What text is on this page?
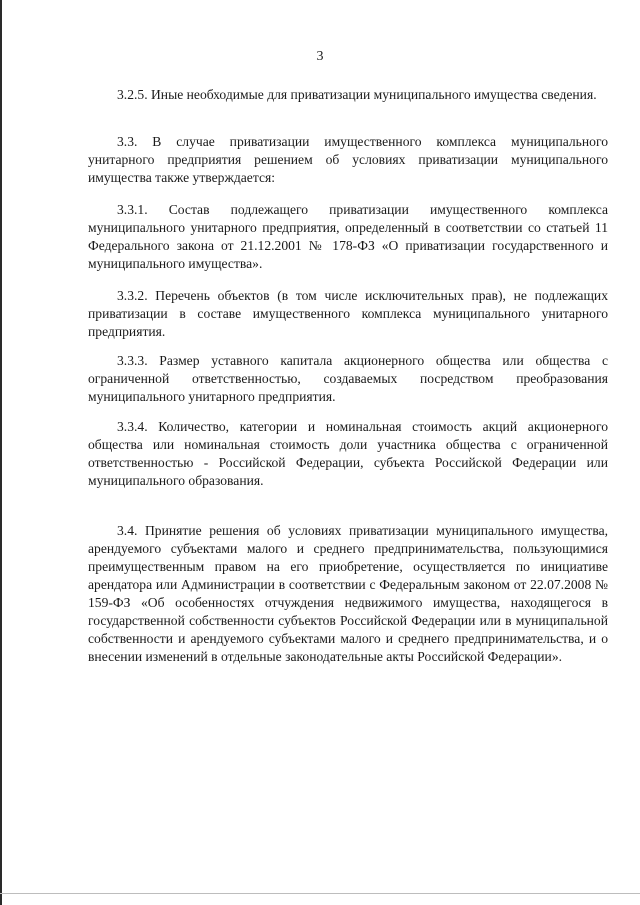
3

3.2.5. Иные необходимые для приватизации муниципального имущества сведения.

3.3. В случае приватизации имущественного комплекса муниципального унитарного предприятия решением об условиях приватизации муниципального имущества также утверждается:

3.3.1. Состав подлежащего приватизации имущественного комплекса муниципального унитарного предприятия, определенный в соответствии со статьей 11 Федерального закона от 21.12.2001 № 178-ФЗ «О приватизации государственного и муниципального имущества».

3.3.2. Перечень объектов (в том числе исключительных прав), не подлежащих приватизации в составе имущественного комплекса муниципального унитарного предприятия.

3.3.3. Размер уставного капитала акционерного общества или общества с ограниченной ответственностью, создаваемых посредством преобразования муниципального унитарного предприятия.

3.3.4. Количество, категории и номинальная стоимость акций акционерного общества или номинальная стоимость доли участника общества с ограниченной ответственностью - Российской Федерации, субъекта Российской Федерации или муниципального образования.

3.4. Принятие решения об условиях приватизации муниципального имущества, арендуемого субъектами малого и среднего предпринимательства, пользующимися преимущественным правом на его приобретение, осуществляется по инициативе арендатора или Администрации в соответствии с Федеральным законом от 22.07.2008 № 159-ФЗ «Об особенностях отчуждения недвижимого имущества, находящегося в государственной собственности субъектов Российской Федерации или в муниципальной собственности и арендуемого субъектами малого и среднего предпринимательства, и о внесении изменений в отдельные законодательные акты Российской Федерации».
